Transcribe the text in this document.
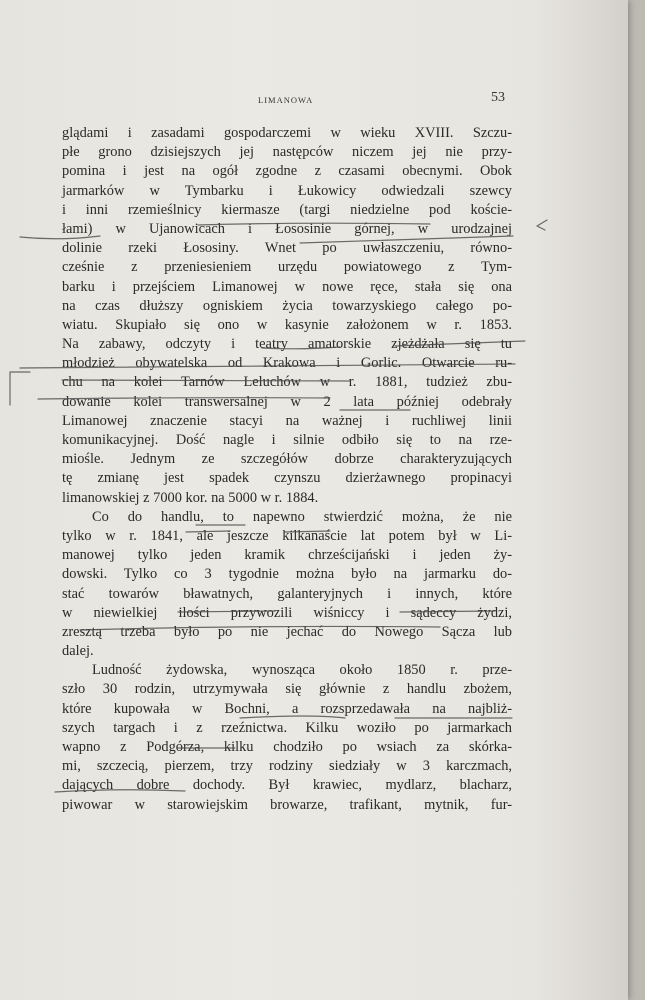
LIMANOWA	53
glądami i zasadami gospodarczemi w wieku XVIII. Szczu-
płe grono dzisiejszych jej następców niczem jej nie przy-
pomina i jest na ogół zgodne z czasami obecnymi. Obok
jarmarków w Tymbarku i Łukowicy odwiedzali szewcy
i inni rzemieślnicy kiermasze (targi niedzielne pod koście-
łami) w Ujanowicach i Łososinie górnej, w urodzajnej
dolinie rzeki Łososiny. Wnet po uwłaszczeniu, równo-
cześnie z przeniesieniem urzędu powiatowego z Tym-
barku i przejściem Limanowej w nowe ręce, stała się ona
na czas dłuższy ogniskiem życia towarzyskiego całego po-
wiatu. Skupiało się ono w kasynie założonem w r. 1853.
Na zabawy, odczyty i teatry amatorskie zjeżdżała się tu
młodzież obywatelska od Krakowa i Gorlic. Otwarcie ru-
chu na kolei Tarnów Leluchów w r. 1881, tudzież zbu-
dowanie kolei transwersalnej w 2 lata później odebrały
Limanowej znaczenie stacyi na ważnej i ruchliwej linii
komunikacyjnej. Dość nagle i silnie odbiło się to na rze-
miośle. Jednym ze szczegółów dobrze charakteryzujących
tę zmianę jest spadek czynszu dzierżawnego propinacyi
limanowskiej z 7000 kor. na 5000 w r. 1884.
Co do handlu, to napewno stwierdzić można, że nie
tylko w r. 1841, ale jeszcze kilkanaście lat potem był w Li-
manowej tylko jeden kramik chrześcijański i jeden ży-
dowski. Tylko co 3 tygodnie można było na jarmarku do-
stać towarów bławatnych, galanteryjnych i innych, które
w niewielkiej ilości przywozili wiśniccy i sądeccy żydzi,
zresztą trzeba było po nie jechać do Nowego Sącza lub
dalej.
Ludność żydowska, wynosząca około 1850 r. prze-
szło 30 rodzin, utrzymywała się głównie z handlu zbożem,
które kupowała w Bochni, a rozsprzedawała na najbliż-
szych targach i z rzeźnictwa. Kilku woziło po jarmarkach
wapno z Podgórza, kilku chodziło po wsiach za skórka-
mi, szczecią, pierzem, trzy rodziny siedziały w 3 karczmach,
dających dobre dochody. Był krawiec, mydlarz, blacharz,
piwowar w starowiejskim browarze, trafikant, mytnik, fur-
